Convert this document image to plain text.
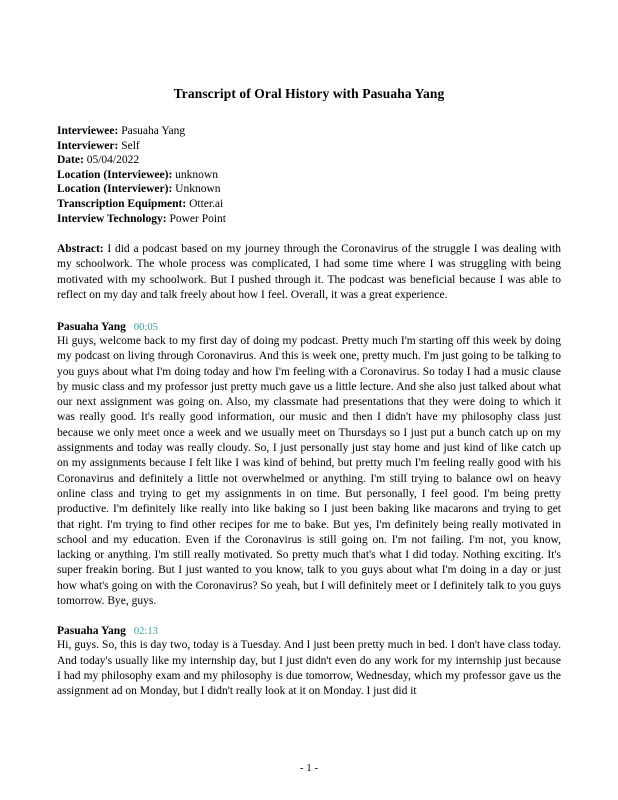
Transcript of Oral History with Pasuaha Yang

Interviewee: Pasuaha Yang

Interviewer: Self

Date: 05/04/2022

Location (Interviewee): unknown

Location (Interviewer): Unknown

Transcription Equipment: Otter.ai

Interview Technology: Power Point

Abstract: I did a podcast based on my journey through the Coronavirus of the struggle I was dealing with my schoolwork. The whole process was complicated, I had some time where I was struggling with being motivated with my schoolwork. But I pushed through it. The podcast was beneficial because I was able to reflect on my day and talk freely about how I feel. Overall, it was a great experience.

Pasuaha Yang 00:05

Hi guys, welcome back to my first day of doing my podcast. Pretty much I'm starting off this week by doing my podcast on living through Coronavirus. And this is week one, pretty much. I'm just going to be talking to you guys about what I'm doing today and how I'm feeling with a Coronavirus. So today I had a music clause by music class and my professor just pretty much gave us a little lecture. And she also just talked about what our next assignment was going on. Also, my classmate had presentations that they were doing to which it was really good. It's really good information, our music and then I didn't have my philosophy class just because we only meet once a week and we usually meet on Thursdays so I just put a bunch catch up on my assignments and today was really cloudy. So, I just personally just stay home and just kind of like catch up on my assignments because I felt like I was kind of behind, but pretty much I'm feeling really good with his Coronavirus and definitely a little not overwhelmed or anything. I'm still trying to balance owl on heavy online class and trying to get my assignments in on time. But personally, I feel good. I'm being pretty productive. I'm definitely like really into like baking so I just been baking like macarons and trying to get that right. I'm trying to find other recipes for me to bake. But yes, I'm definitely being really motivated in school and my education. Even if the Coronavirus is still going on. I'm not failing. I'm not, you know, lacking or anything. I'm still really motivated. So pretty much that's what I did today. Nothing exciting. It's super freakin boring. But I just wanted to you know, talk to you guys about what I'm doing in a day or just how what's going on with the Coronavirus? So yeah, but I will definitely meet or I definitely talk to you guys tomorrow. Bye, guys.

Pasuaha Yang 02:13

Hi, guys. So, this is day two, today is a Tuesday. And I just been pretty much in bed. I don't have class today. And today's usually like my internship day, but I just didn't even do any work for my internship just because I had my philosophy exam and my philosophy is due tomorrow, Wednesday, which my professor gave us the assignment ad on Monday, but I didn't really look at it on Monday. I just did it

- 1 -
